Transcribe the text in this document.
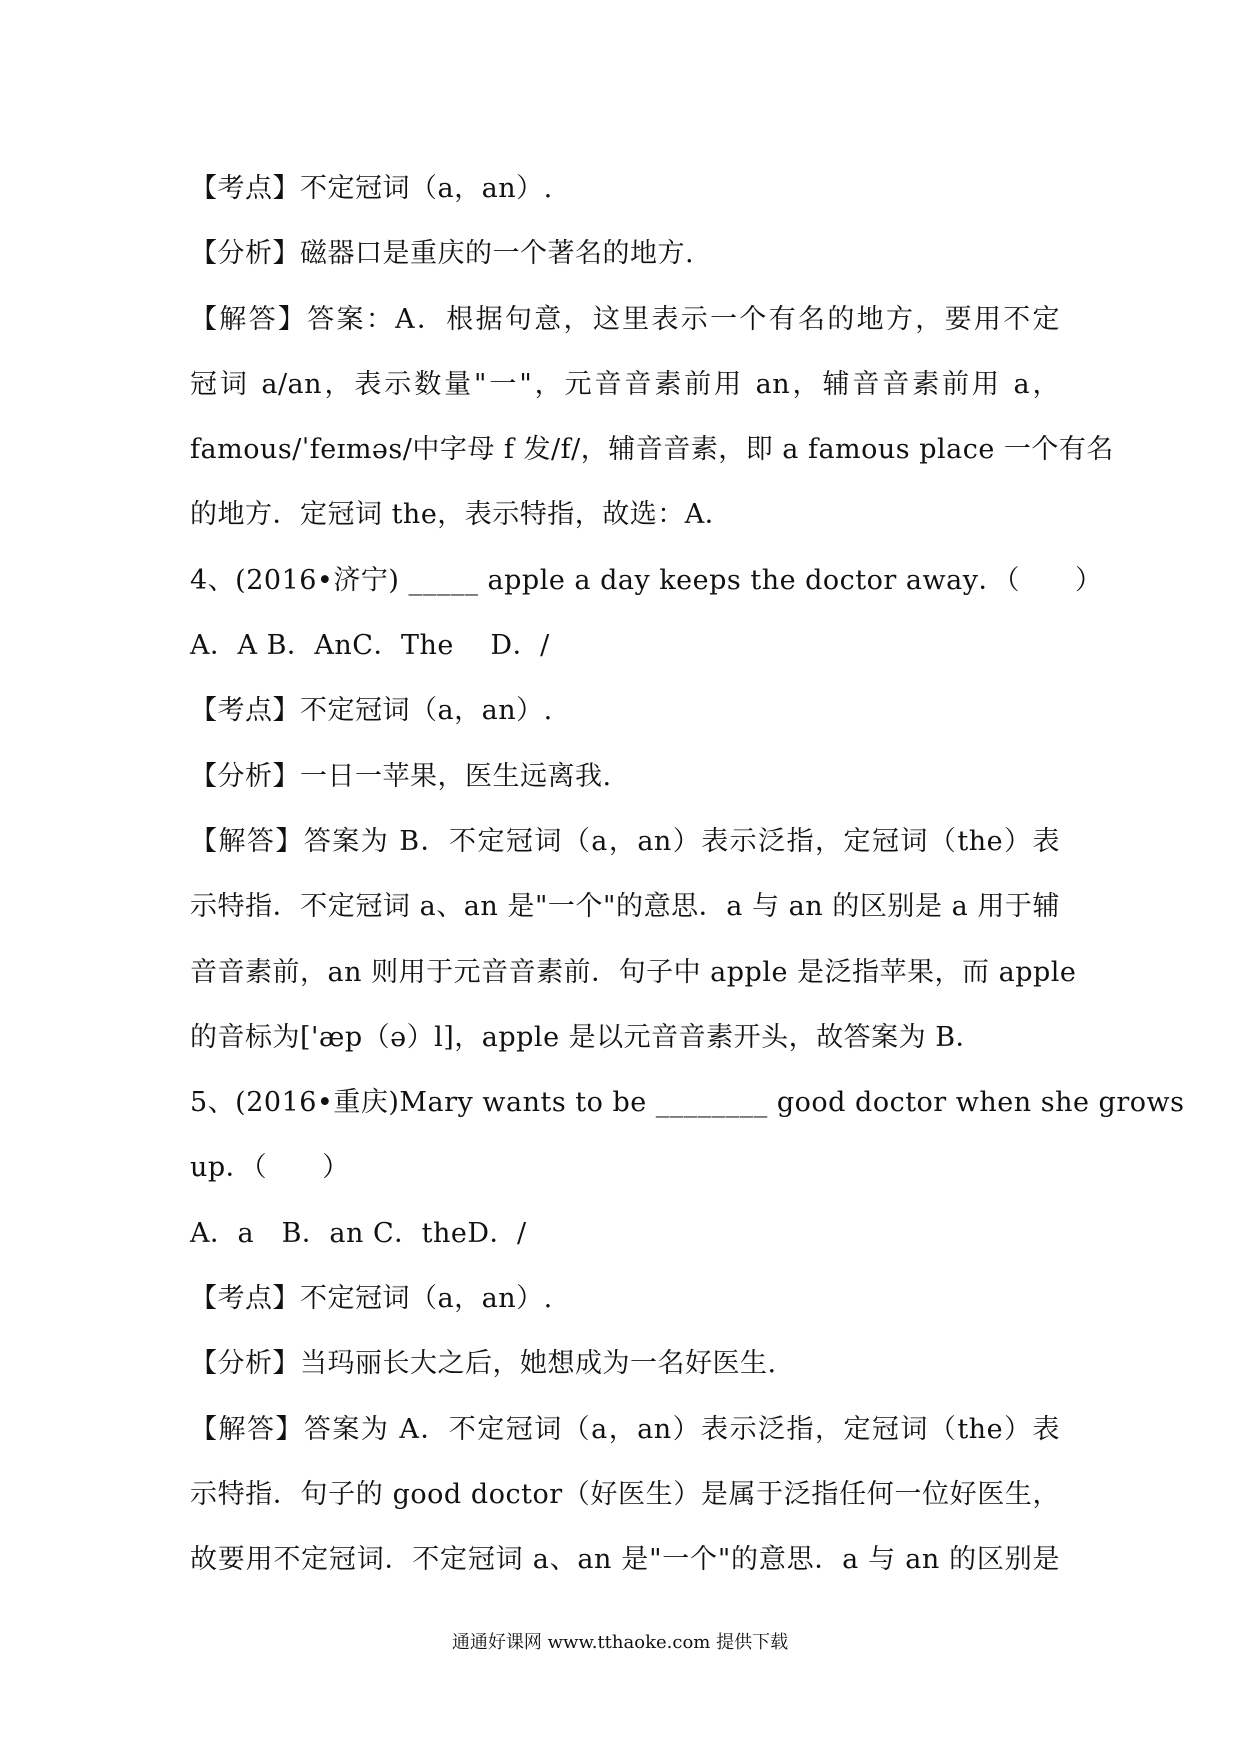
【考点】不定冠词（a，an）.
【分析】磁器口是重庆的一个著名的地方.
【解答】答案：A．根据句意，这里表示一个有名的地方，要用不定
冠词 a/an，表示数量"一"，元音音素前用 an，辅音音素前用 a，
famous/ˈfeɪməs/中字母 f 发/f/，辅音音素，即 a famous place 一个有名
的地方．定冠词 the，表示特指，故选：A．
4、(2016•济宁) _____ apple a day keeps the doctor away．（　　）
A．A B．AnC．The　 D．/
【考点】不定冠词（a，an）.
【分析】一日一苹果，医生远离我.
【解答】答案为 B．不定冠词（a，an）表示泛指，定冠词（the）表
示特指．不定冠词 a、an 是"一个"的意思．a 与 an 的区别是 a 用于辅
音音素前，an 则用于元音音素前．句子中 apple 是泛指苹果，而 apple
的音标为['æp（ə）l]，apple 是以元音音素开头，故答案为 B．
5、(2016•重庆)Mary wants to be ________ good doctor when she grows
up．（　　）
A．a　B．an C．theD．/
【考点】不定冠词（a，an）.
【分析】当玛丽长大之后，她想成为一名好医生.
【解答】答案为 A．不定冠词（a，an）表示泛指，定冠词（the）表
示特指．句子的 good doctor（好医生）是属于泛指任何一位好医生，
故要用不定冠词．不定冠词 a、an 是"一个"的意思．a 与 an 的区别是
通通好课网 www.tthaoke.com 提供下载
